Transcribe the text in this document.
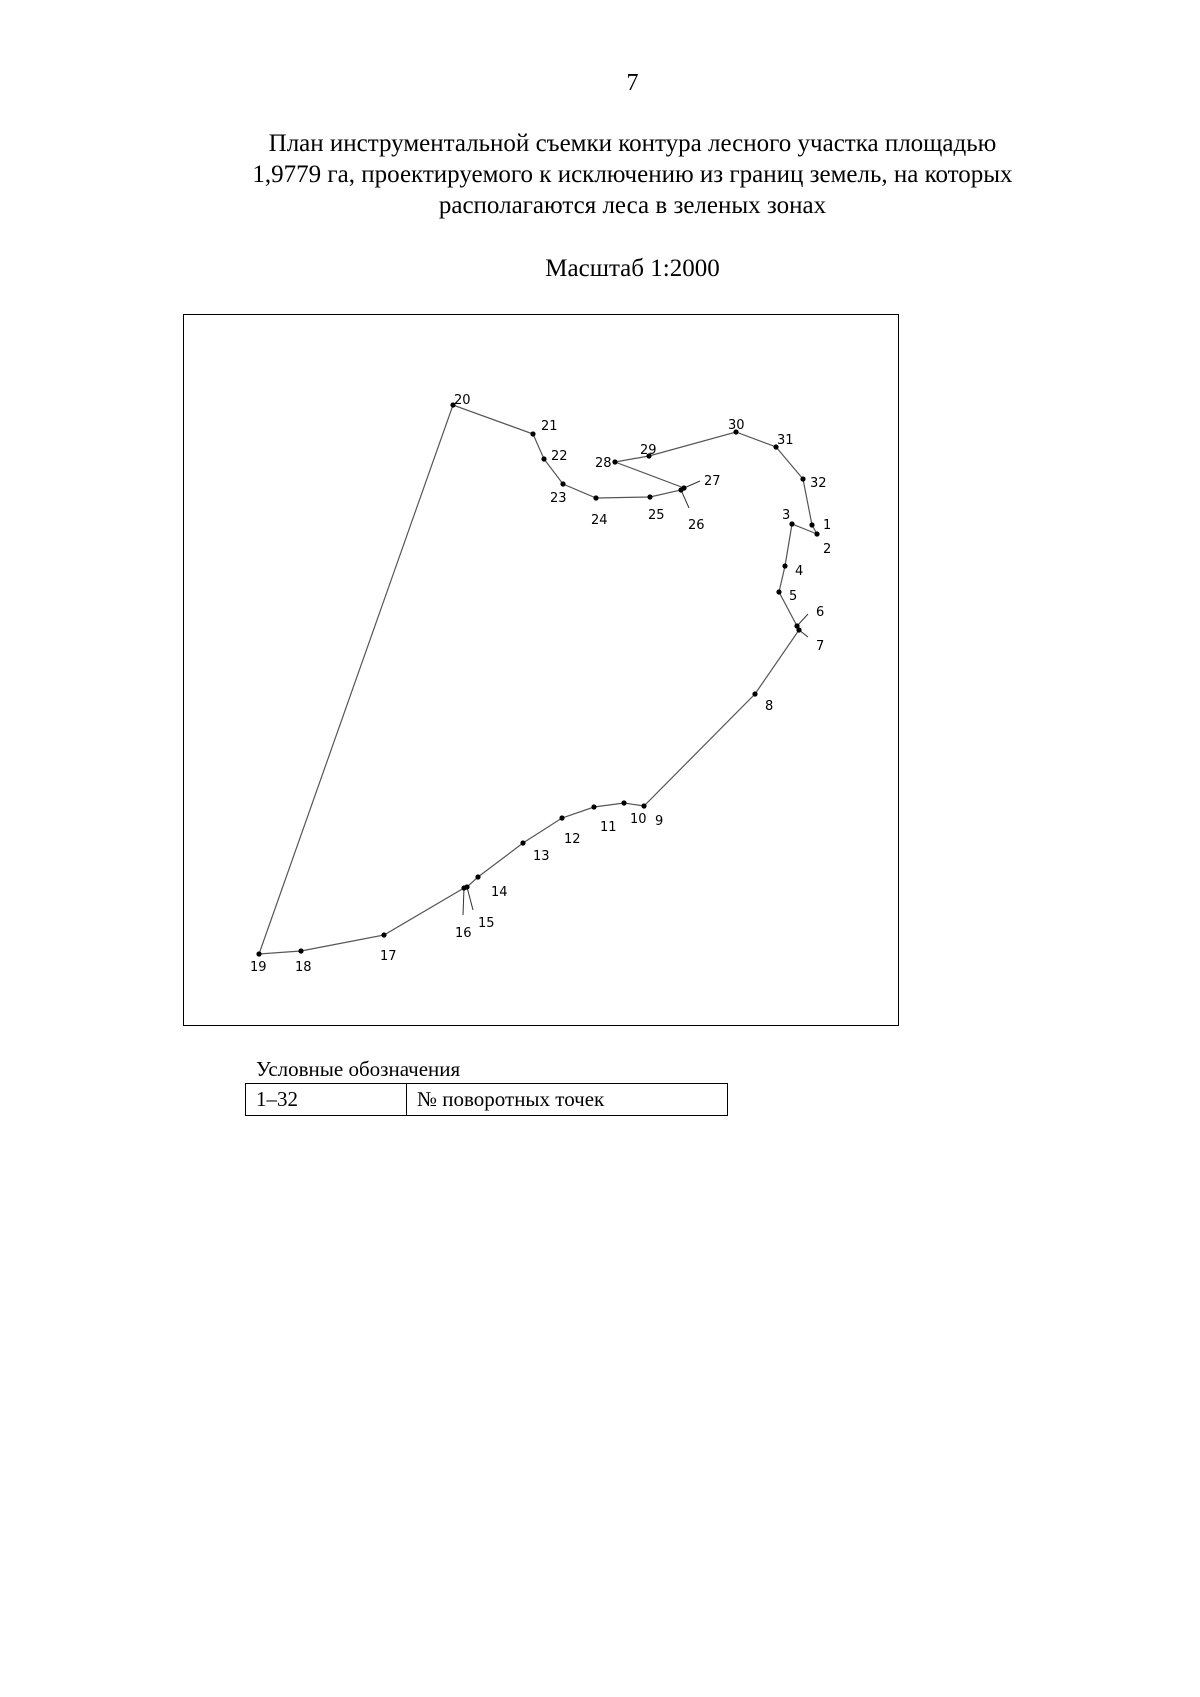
7
План инструментальной съемки контура лесного участка площадью
1,9779 га, проектируемого к исключению из границ земель, на которых
располагаются леса в зеленых зонах
Масштаб 1:2000
1
2
3
4
5
6
7
8
9
10
11
12
13
14
15
16
17
18
19
20
21
22
23
24	25
26
27
28
29
30
31
32
Условные обозначения
1–32	№ поворотных точек
